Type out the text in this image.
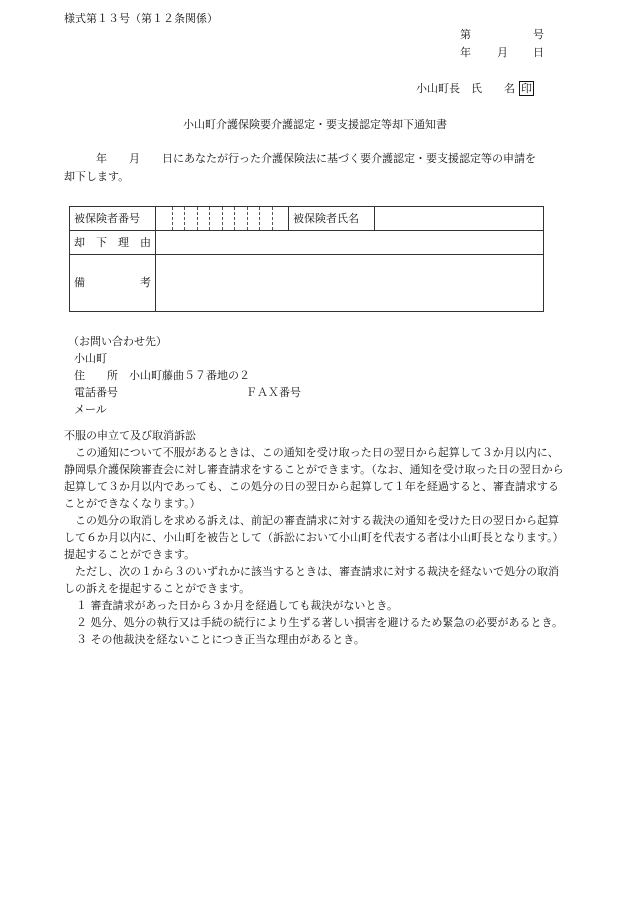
様式第１３号（第１２条関係）
第	号
年 月 日
小山町長　氏　　名 印
小山町介護保険要介護認定・要支援認定等却下通知書
年　　月　　日にあなたが行った介護保険法に基づく要介護認定・要支援認定等の申請を
却下します。
被保険者番号		被保険者氏名	

却 下 理 由			

備 考			

（お問い合わせ先）
小山町
住　　所　 小山町藤曲５７番地の２
電話番号	ＦＡＸ番号
メール

不服の申立て及び取消訴訟

この通知について不服があるときは、この通知を受け取った日の翌日から起算して３か月以内に、静岡県介護保険審査会に対し審査請求をすることができます。（なお、通知を受け取った日の翌日から起算して３か月以内であっても、この処分の日の翌日から起算して１年を経過すると、審査請求することができなくなります。）

この処分の取消しを求める訴えは、前記の審査請求に対する裁決の通知を受けた日の翌日から起算して６か月以内に、小山町を被告として（訴訟において小山町を代表する者は小山町長となります。）提起することができます。

ただし、次の１から３のいずれかに該当するときは、審査請求に対する裁決を経ないで処分の取消しの訴えを提起することができます。

１ 審査請求があった日から３か月を経過しても裁決がないとき。

２ 処分、処分の執行又は手続の続行により生ずる著しい損害を避けるため緊急の必要があるとき。

３ その他裁決を経ないことにつき正当な理由があるとき。
